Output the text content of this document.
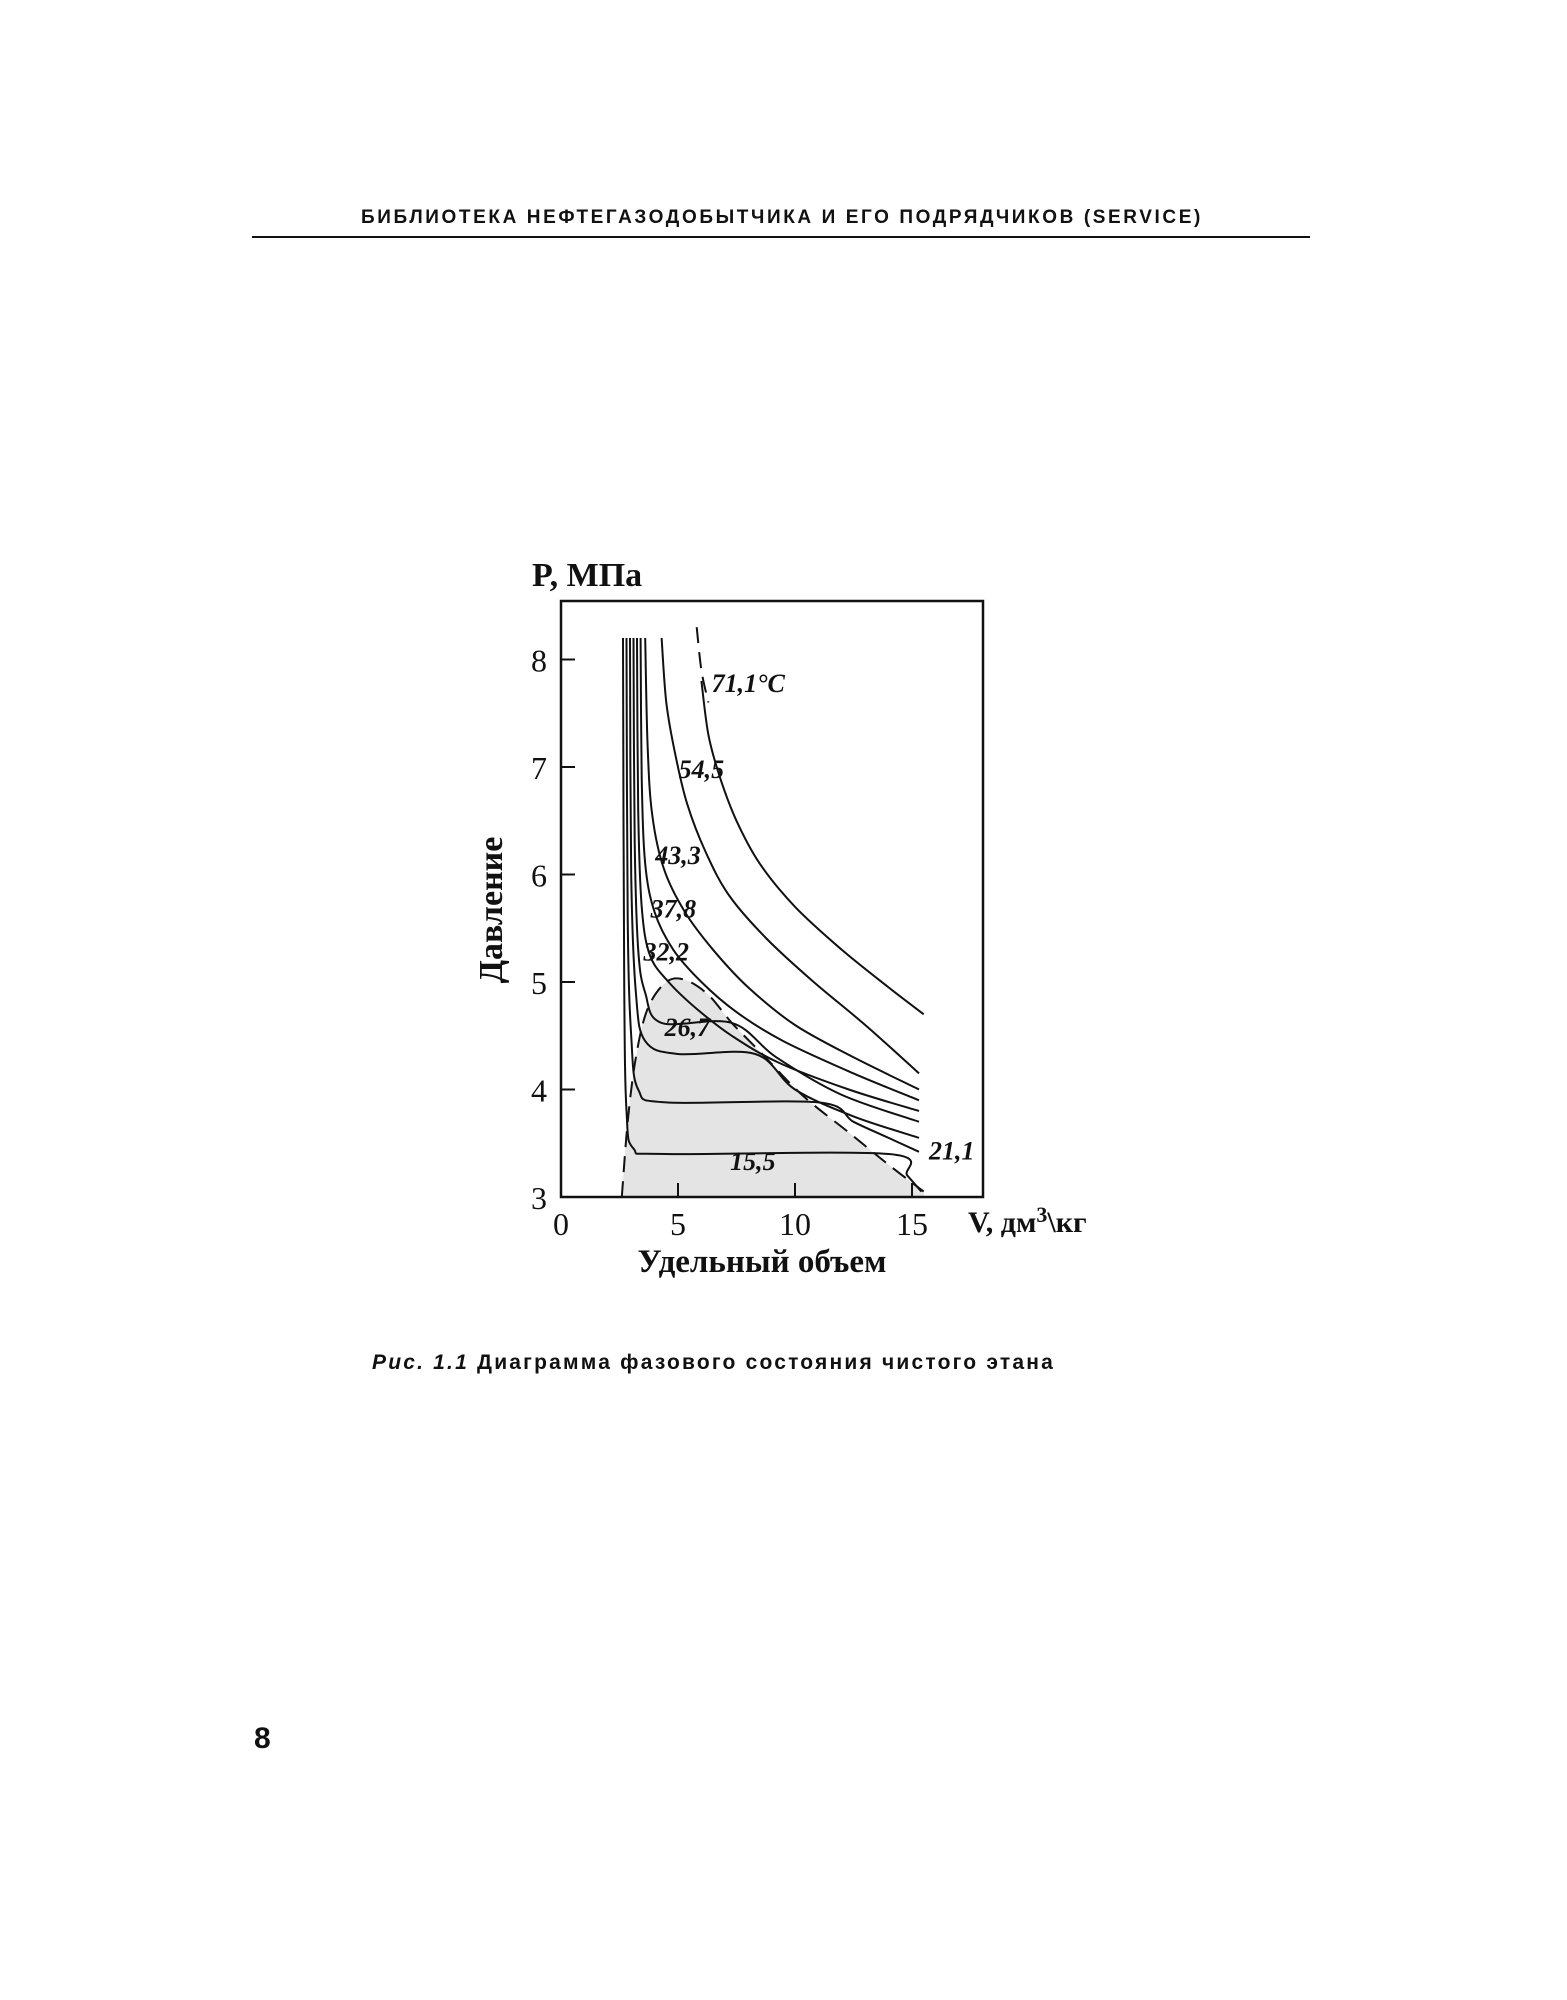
БИБЛИОТЕКА НЕФТЕГАЗОДОБЫТЧИКА И ЕГО ПОДРЯДЧИКОВ (SERVICE)
3
4
5
6
7
8
0	5	10	15
71,1°C
54,5
43,3
37,8
32,2
26,7
21,1
15,5
P, МПа
Давление
V, $дм^3\backslash кг$
Удельный объем
Рис. 1.1 Диаграмма фазового состояния чистого этана
8
